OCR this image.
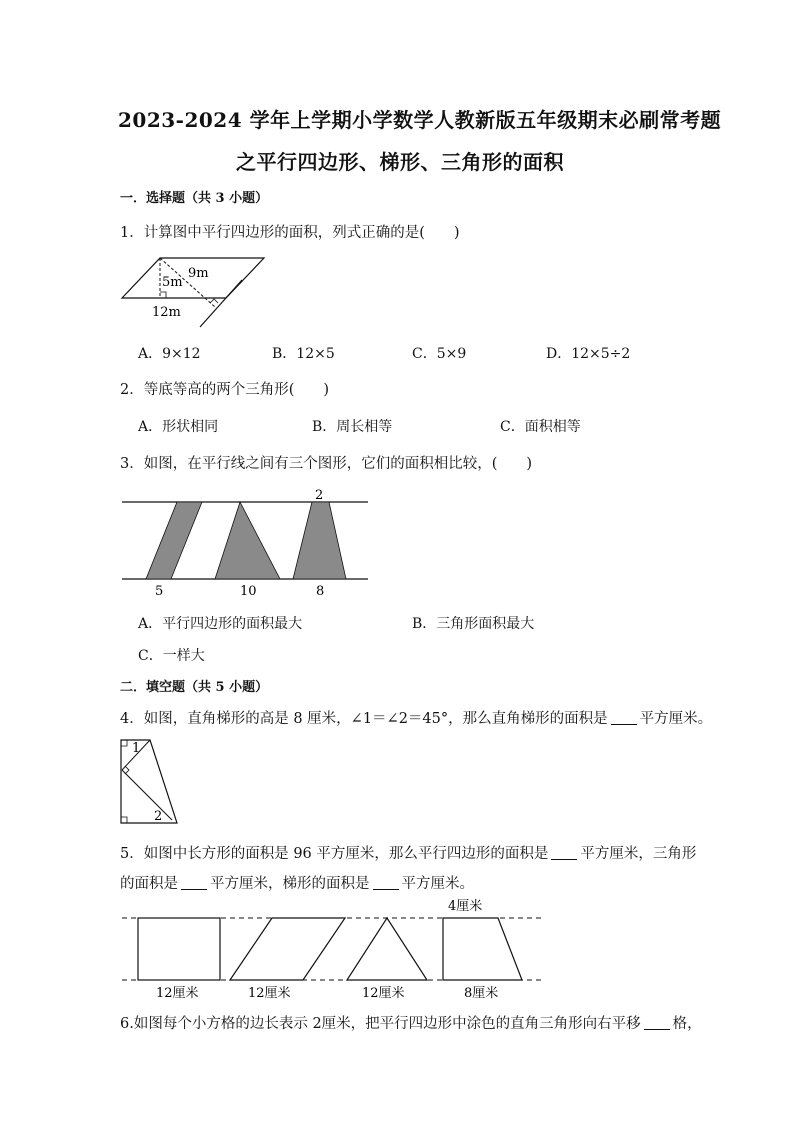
2023-2024 学年上学期小学数学人教新版五年级期末必刷常考题
之平行四边形、梯形、三角形的面积
一．选择题（共 3 小题）
1．计算图中平行四边形的面积，列式正确的是(　　)
9m
5m
12m
A．9×12	B．12×5	C．5×9	D．12×5÷2
2．等底等高的两个三角形(　　)
A．形状相同	B．周长相等	C．面积相等
3．如图，在平行线之间有三个图形，它们的面积相比较，(　　)
2
5	10	8
A．平行四边形的面积最大	B．三角形面积最大
C．一样大
二．填空题（共 5 小题）
4．如图，直角梯形的高是 8 厘米，∠1＝∠2＝45°，那么直角梯形的面积是 平方厘米。
1
2
5．如图中长方形的面积是 96 平方厘米，那么平行四边形的面积是 平方厘米，三角形
的面积是 平方厘米，梯形的面积是 平方厘米。
4厘米
12厘米	12厘米	12厘米	8厘米
6.如图每个小方格的边长表示 2厘米，把平行四边形中涂色的直角三角形向右平移 格，
